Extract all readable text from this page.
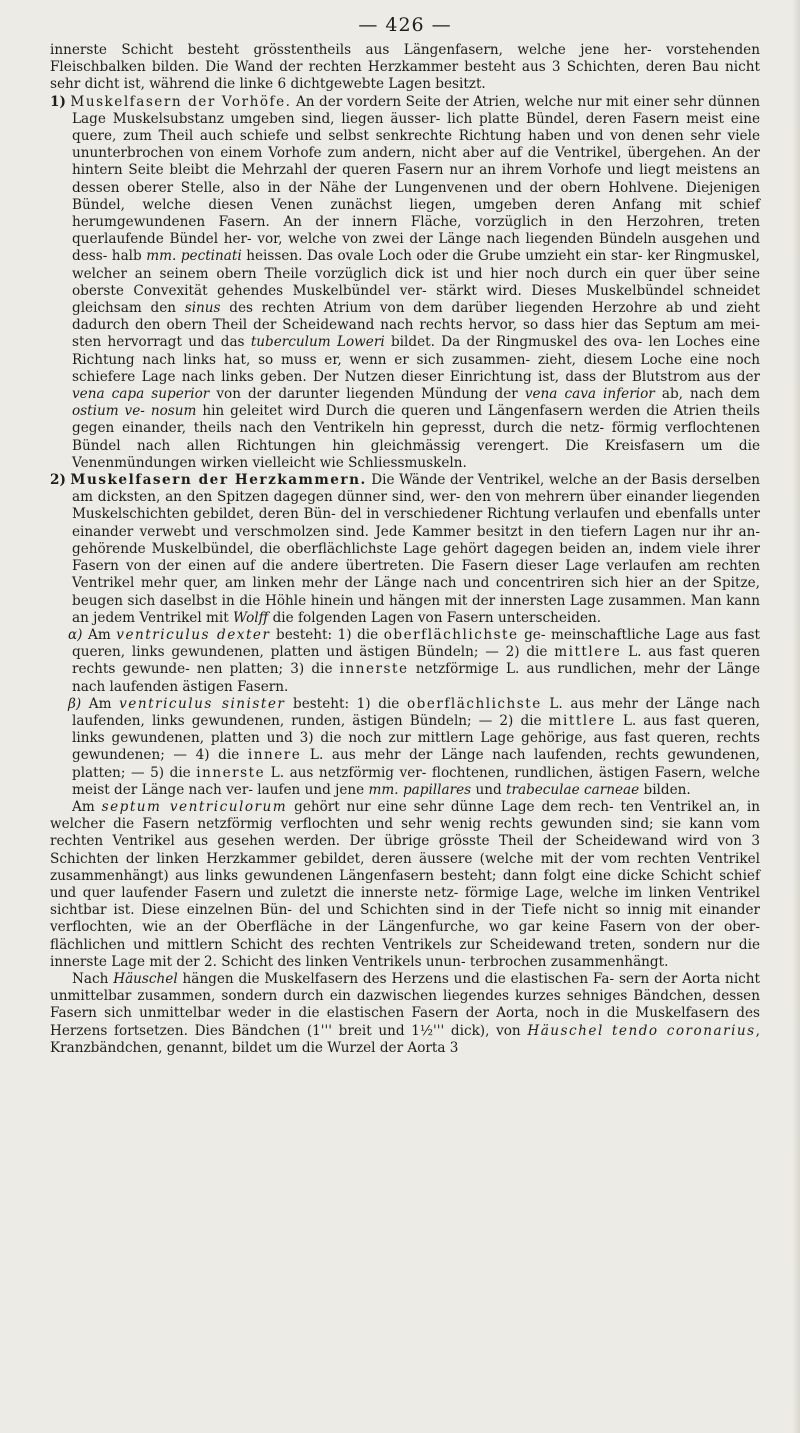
— 426 —

innerste Schicht besteht grösstentheils aus Längenfasern, welche jene her- vorstehenden Fleischbalken bilden. Die Wand der rechten Herzkammer besteht aus 3 Schichten, deren Bau nicht sehr dicht ist, während die linke 6 dichtgewebte Lagen besitzt.

1) Muskelfasern der Vorhöfe. An der vordern Seite der Atrien, welche nur mit einer sehr dünnen Lage Muskelsubstanz umgeben sind, liegen äusser- lich platte Bündel, deren Fasern meist eine quere, zum Theil auch schiefe und selbst senkrechte Richtung haben und von denen sehr viele ununterbrochen von einem Vorhofe zum andern, nicht aber auf die Ventrikel, übergehen. An der hintern Seite bleibt die Mehrzahl der queren Fasern nur an ihrem Vorhofe und liegt meistens an dessen oberer Stelle, also in der Nähe der Lungenvenen und der obern Hohlvene. Diejenigen Bündel, welche diesen Venen zunächst liegen, umgeben deren Anfang mit schief herumgewundenen Fasern. An der innern Fläche, vorzüglich in den Herzohren, treten querlaufende Bündel her- vor, welche von zwei der Länge nach liegenden Bündeln ausgehen und dess- halb mm. pectinati heissen. Das ovale Loch oder die Grube umzieht ein star- ker Ringmuskel, welcher an seinem obern Theile vorzüglich dick ist und hier noch durch ein quer über seine oberste Convexität gehendes Muskelbündel ver- stärkt wird. Dieses Muskelbündel schneidet gleichsam den sinus des rechten Atrium von dem darüber liegenden Herzohre ab und zieht dadurch den obern Theil der Scheidewand nach rechts hervor, so dass hier das Septum am mei- sten hervorragt und das tuberculum Loweri bildet. Da der Ringmuskel des ova- len Loches eine Richtung nach links hat, so muss er, wenn er sich zusammen- zieht, diesem Loche eine noch schiefere Lage nach links geben. Der Nutzen dieser Einrichtung ist, dass der Blutstrom aus der vena capa superior von der darunter liegenden Mündung der vena cava inferior ab, nach dem ostium ve- nosum hin geleitet wird Durch die queren und Längenfasern werden die Atrien theils gegen einander, theils nach den Ventrikeln hin gepresst, durch die netz- förmig verflochtenen Bündel nach allen Richtungen hin gleichmässig verengert. Die Kreisfasern um die Venenmündungen wirken vielleicht wie Schliessmuskeln.

2) Muskelfasern der Herzkammern. Die Wände der Ventrikel, welche an der Basis derselben am dicksten, an den Spitzen dagegen dünner sind, wer- den von mehrern über einander liegenden Muskelschichten gebildet, deren Bün- del in verschiedener Richtung verlaufen und ebenfalls unter einander verwebt und verschmolzen sind. Jede Kammer besitzt in den tiefern Lagen nur ihr an- gehörende Muskelbündel, die oberflächlichste Lage gehört dagegen beiden an, indem viele ihrer Fasern von der einen auf die andere übertreten. Die Fasern dieser Lage verlaufen am rechten Ventrikel mehr quer, am linken mehr der Länge nach und concentriren sich hier an der Spitze, beugen sich daselbst in die Höhle hinein und hängen mit der innersten Lage zusammen. Man kann an jedem Ventrikel mit Wolff die folgenden Lagen von Fasern unterscheiden.

α) Am ventriculus dexter besteht: 1) die oberflächlichste ge- meinschaftliche Lage aus fast queren, links gewundenen, platten und ästigen Bündeln; — 2) die mittlere L. aus fast queren rechts gewunde- nen platten; 3) die innerste netzförmige L. aus rundlichen, mehr der Länge nach laufenden ästigen Fasern.

β) Am ventriculus sinister besteht: 1) die oberflächlichste L. aus mehr der Länge nach laufenden, links gewundenen, runden, ästigen Bündeln; — 2) die mittlere L. aus fast queren, links gewundenen, platten und 3) die noch zur mittlern Lage gehörige, aus fast queren, rechts gewundenen; — 4) die innere L. aus mehr der Länge nach laufenden, rechts gewundenen, platten; — 5) die innerste L. aus netzförmig ver- flochtenen, rundlichen, ästigen Fasern, welche meist der Länge nach ver- laufen und jene mm. papillares und trabeculae carneae bilden.

Am septum ventriculorum gehört nur eine sehr dünne Lage dem rech- ten Ventrikel an, in welcher die Fasern netzförmig verflochten und sehr wenig rechts gewunden sind; sie kann vom rechten Ventrikel aus gesehen werden. Der übrige grösste Theil der Scheidewand wird von 3 Schichten der linken Herzkammer gebildet, deren äussere (welche mit der vom rechten Ventrikel zusammenhängt) aus links gewundenen Längenfasern besteht; dann folgt eine dicke Schicht schief und quer laufender Fasern und zuletzt die innerste netz- förmige Lage, welche im linken Ventrikel sichtbar ist. Diese einzelnen Bün- del und Schichten sind in der Tiefe nicht so innig mit einander verflochten, wie an der Oberfläche in der Längenfurche, wo gar keine Fasern von der ober- flächlichen und mittlern Schicht des rechten Ventrikels zur Scheidewand treten, sondern nur die innerste Lage mit der 2. Schicht des linken Ventrikels unun- terbrochen zusammenhängt.

Nach Häuschel hängen die Muskelfasern des Herzens und die elastischen Fa- sern der Aorta nicht unmittelbar zusammen, sondern durch ein dazwischen liegendes kurzes sehniges Bändchen, dessen Fasern sich unmittelbar weder in die elastischen Fasern der Aorta, noch in die Muskelfasern des Herzens fortsetzen. Dies Bändchen (1''' breit und 1½''' dick), von Häuschel tendo coronarius, Kranzbändchen, genannt, bildet um die Wurzel der Aorta 3
